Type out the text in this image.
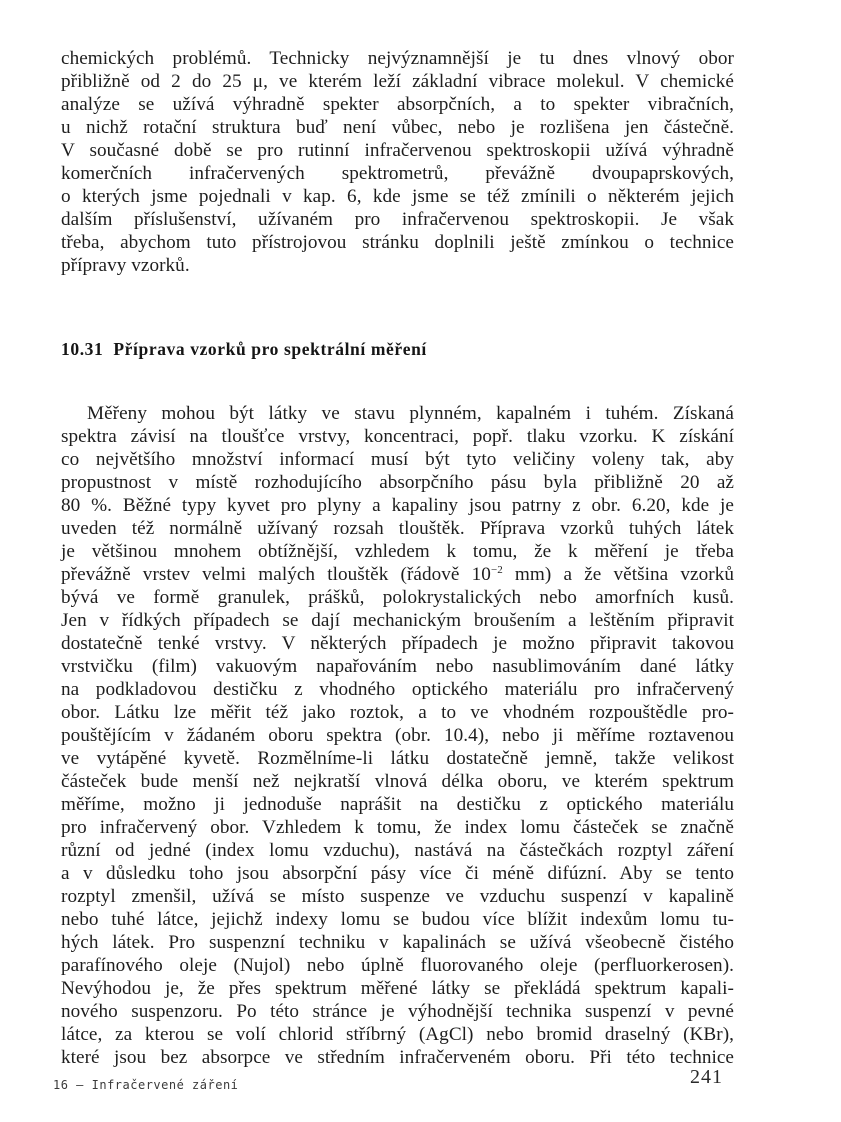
chemických problémů. Technicky nejvýznamnější je tu dnes vlnový obor
přibližně od 2 do 25 μ, ve kterém leží základní vibrace molekul. V chemické
analýze se užívá výhradně spekter absorpčních, a to spekter vibračních,
u nichž rotační struktura buď není vůbec, nebo je rozlišena jen částečně.
V současné době se pro rutinní infračervenou spektroskopii užívá výhradně
komerčních infračervených spektrometrů, převážně dvoupaprskových,
o kterých jsme pojednali v kap. 6, kde jsme se též zmínili o některém jejich
dalším příslušenství, užívaném pro infračervenou spektroskopii. Je však
třeba, abychom tuto přístrojovou stránku doplnili ještě zmínkou o technice
přípravy vzorků.
10.31 Příprava vzorků pro spektrální měření
Měřeny mohou být látky ve stavu plynném, kapalném i tuhém. Získaná
spektra závisí na tloušťce vrstvy, koncentraci, popř. tlaku vzorku. K získání
co největšího množství informací musí být tyto veličiny voleny tak, aby
propustnost v místě rozhodujícího absorpčního pásu byla přibližně 20 až
80 %. Běžné typy kyvet pro plyny a kapaliny jsou patrny z obr. 6.20, kde je
uveden též normálně užívaný rozsah tlouštěk. Příprava vzorků tuhých látek
je většinou mnohem obtížnější, vzhledem k tomu, že k měření je třeba
převážně vrstev velmi malých tlouštěk (řádově $10^{-2}$ mm) a že většina vzorků
bývá ve formě granulek, prášků, polokrystalických nebo amorfních kusů.
Jen v řídkých případech se dají mechanickým broušením a leštěním připravit
dostatečně tenké vrstvy. V některých případech je možno připravit takovou
vrstvičku (film) vakuovým napařováním nebo nasublimováním dané látky
na podkladovou destičku z vhodného optického materiálu pro infračervený
obor. Látku lze měřit též jako roztok, a to ve vhodném rozpouštědle pro-
pouštějícím v žádaném oboru spektra (obr. 10.4), nebo ji měříme roztavenou
ve vytápěné kyvetě. Rozmělníme-li látku dostatečně jemně, takže velikost
částeček bude menší než nejkratší vlnová délka oboru, ve kterém spektrum
měříme, možno ji jednoduše naprášit na destičku z optického materiálu
pro infračervený obor. Vzhledem k tomu, že index lomu částeček se značně
různí od jedné (index lomu vzduchu), nastává na částečkách rozptyl záření
a v důsledku toho jsou absorpční pásy více či méně difúzní. Aby se tento
rozptyl zmenšil, užívá se místo suspenze ve vzduchu suspenzí v kapalině
nebo tuhé látce, jejichž indexy lomu se budou více blížit indexům lomu tu-
hých látek. Pro suspenzní techniku v kapalinách se užívá všeobecně čistého
parafínového oleje (Nujol) nebo úplně fluorovaného oleje (perfluorkerosen).
Nevýhodou je, že přes spektrum měřené látky se překládá spektrum kapali-
nového suspenzoru. Po této stránce je výhodnější technika suspenzí v pevné
látce, za kterou se volí chlorid stříbrný (AgCl) nebo bromid draselný (KBr),
které jsou bez absorpce ve středním infračerveném oboru. Při této technice
16 — Infračervené záření	241
